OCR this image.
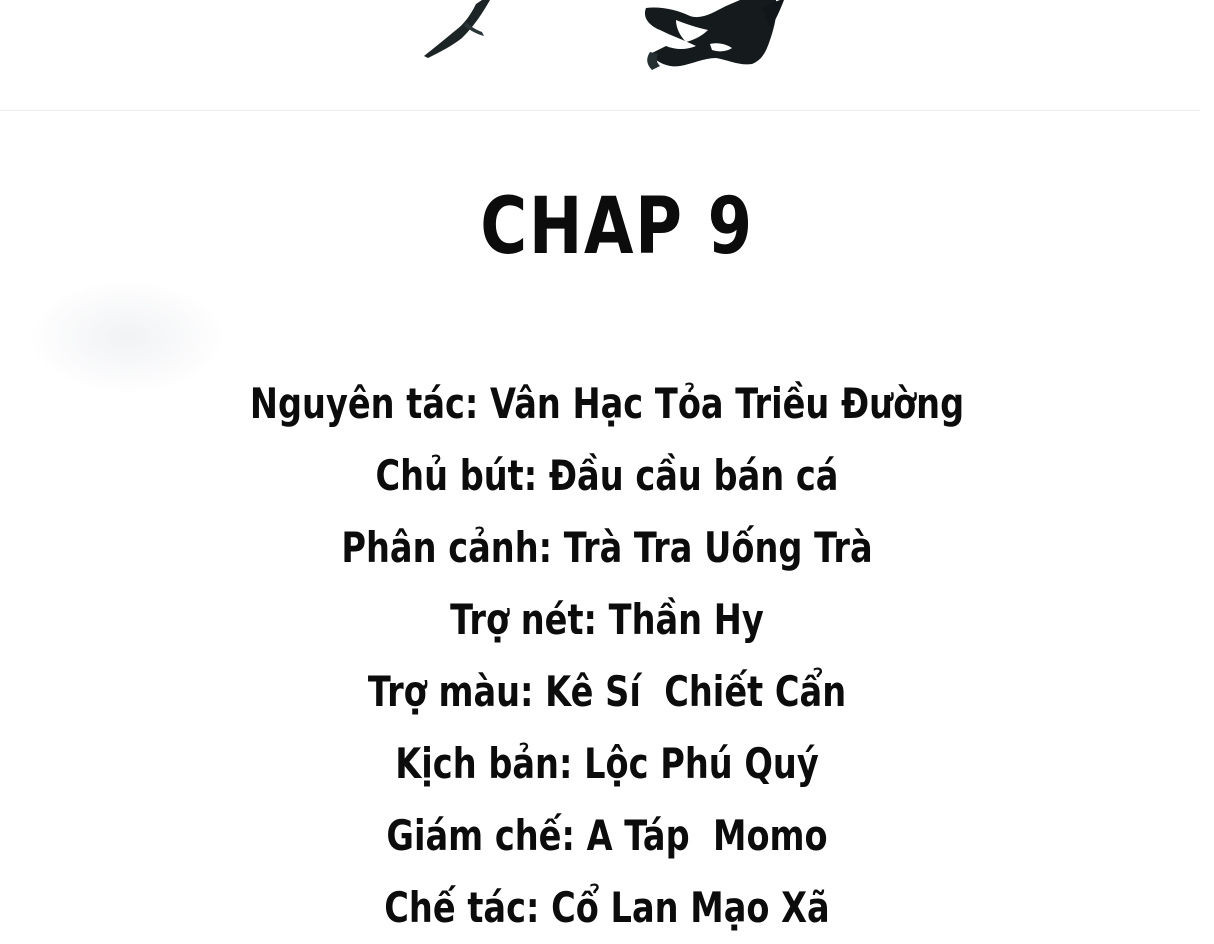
CHAP 9
Nguyên tác: Vân Hạc Tỏa Triều Đường
Chủ bút: Đầu cầu bán cá
Phân cảnh: Trà Tra Uống Trà
Trợ nét: Thần Hy
Trợ màu: Kê Sí  Chiết Cẩn
Kịch bản: Lộc Phú Quý
Giám chế: A Táp  Momo
Chế tác: Cổ Lan Mạo Xã
